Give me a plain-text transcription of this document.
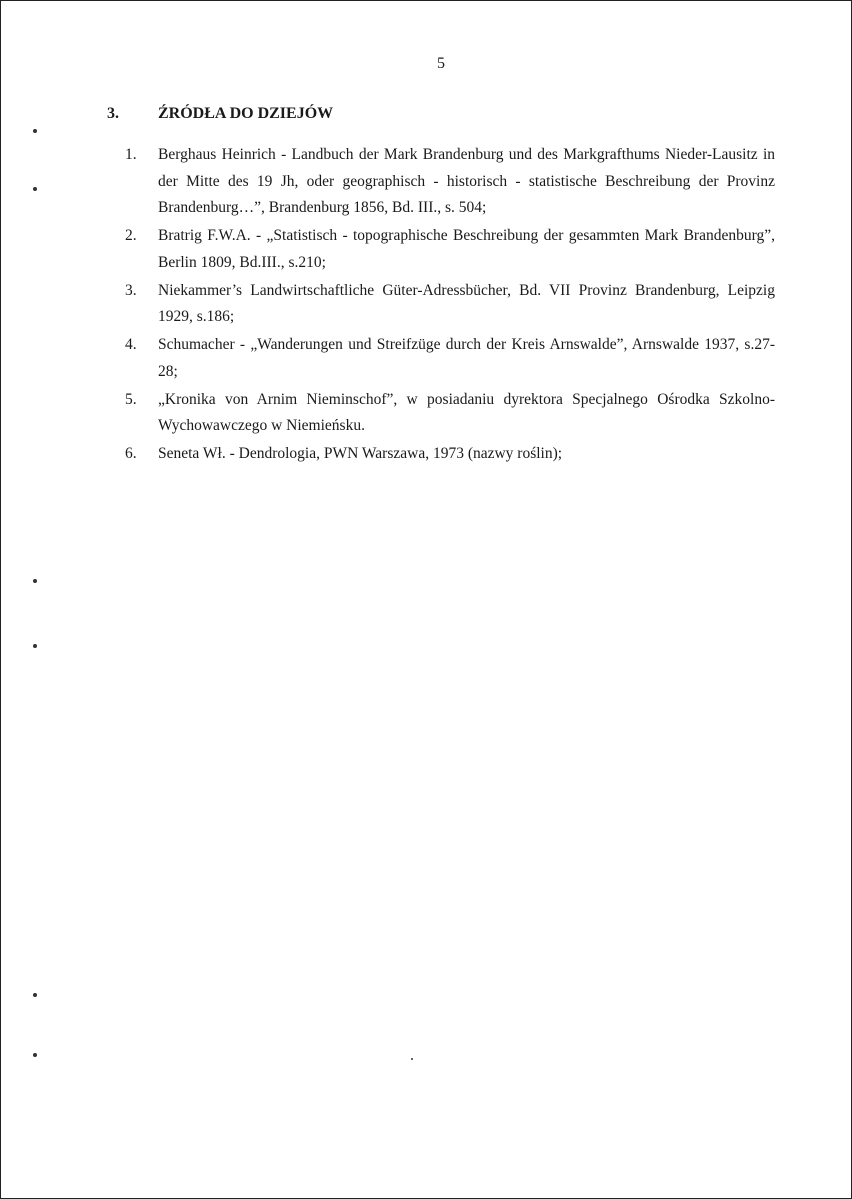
5
3. ŹRÓDŁA DO DZIEJÓW
1. Berghaus Heinrich - Landbuch der Mark Brandenburg und des Markgrafthums Nieder-Lausitz in der Mitte des 19 Jh, oder geographisch - historisch - statistische Beschreibung der Provinz Brandenburg…”, Brandenburg 1856, Bd. III., s. 504;
2. Bratrig F.W.A. - „Statistisch - topographische Beschreibung der gesammten Mark Brandenburg”, Berlin 1809, Bd.III., s.210;
3. Niekammer’s Landwirtschaftliche Güter-Adressbücher, Bd. VII Provinz Brandenburg, Leipzig 1929, s.186;
4. Schumacher - „Wanderungen und Streifzüge durch der Kreis Arnswalde”, Arnswalde 1937, s.27-28;
5. „Kronika von Arnim Nieminschof”, w posiadaniu dyrektora Specjalnego Ośrodka Szkolno-Wychowawczego w Niemieńsku.
6. Seneta Wł. - Dendrologia, PWN Warszawa, 1973 (nazwy roślin);
